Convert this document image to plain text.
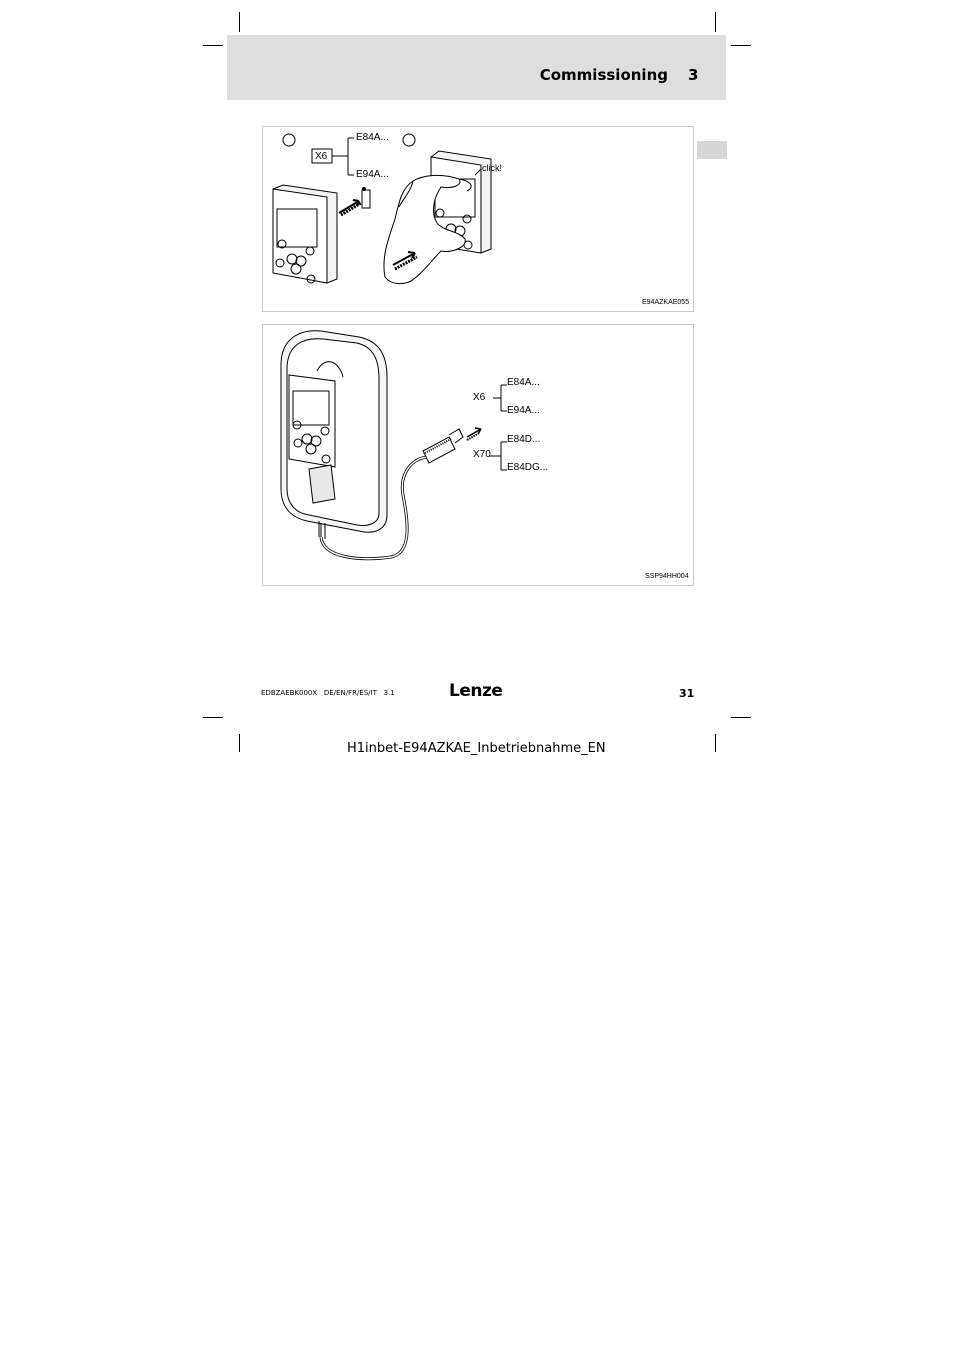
Commissioning 3
X6
E84A...
E94A...
click!
E94AZKAE055
X6
E84A...
E94A...
X70
E84D...
E84DG...
SSP94HH004
EDBZAEBK000X DE/EN/FR/ES/IT 3.1	Lenze	31
H1inbet-E94AZKAE_Inbetriebnahme_EN
